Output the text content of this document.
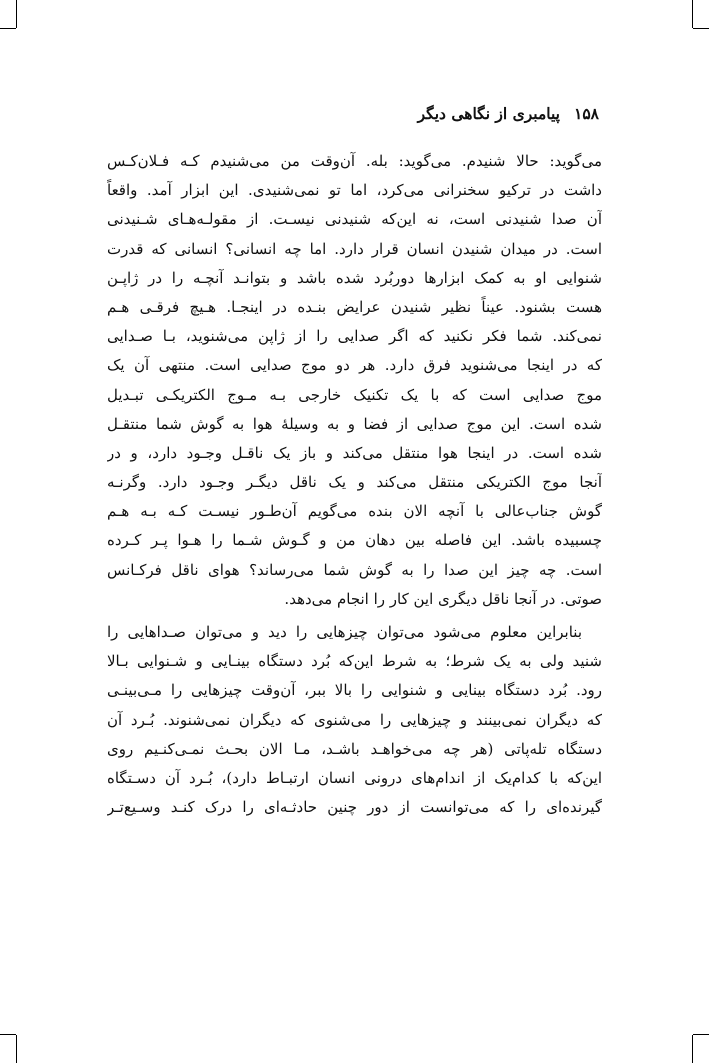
۱۵۸
پیامبری از نگاهی دیگر
می‌گوید: حالا شنیدم. می‌گوید: بله. آن‌وقت من می‌شنیدم کـه فـلان‌کـس
داشت در ترکیو سخنرانی می‌کرد، اما تو نمی‌شنیدی. این ابزار آمد. واقعاً
آن صدا شنیدنی است، نه این‌که شنیدنی نیسـت. از مقولـه‌هـای شـنیدنی
است. در میدان شنیدن انسان قرار دارد. اما چه انسانی؟ انسانی که قدرت
شنوایی او به کمک ابزارها دوربُرد شده باشد و بتوانـد آنچـه را در ژاپـن
هست بشنود. عیناً نظیر شنیدن عرایض بنـده در اینجـا. هـیچ فرقـی هـم
نمی‌کند. شما فکر نکنید که اگر صدایی را از ژاپن می‌شنوید، بـا صـدایی
که در اینجا می‌شنوید فرق دارد. هر دو موج صدایی است. منتهی آن یک
موج صدایی است که با یک تکنیک خارجی بـه مـوج الکتریکـی تبـدیل
شده است. این موج صدایی از فضا و به وسیلهٔ هوا به گوش شما منتقـل
شده است. در اینجا هوا منتقل می‌کند و باز یک ناقـل وجـود دارد، و در
آنجا موج الکتریکی منتقل می‌کند و یک ناقل دیگـر وجـود دارد. وگرنـه
گوش جناب‌عالی با آنچه الان بنده می‌گویم آن‌طـور نیسـت کـه بـه هـم
چسبیده باشد. این فاصله بین دهان من و گـوش شـما را هـوا پـر کـرده
است. چه چیز این صدا را به گوش شما می‌رساند؟ هوای ناقل فرکـانس
صوتی. در آنجا ناقل دیگری این کار را انجام می‌دهد.
بنابراین معلوم می‌شود می‌توان چیزهایی را دید و می‌توان صـداهایی را
شنید ولی به یک شرط؛ به شرط این‌که بُرد دستگاه بینـایی و شـنوایی بـالا
رود. بُرد دستگاه بینایی و شنوایی را بالا ببر، آن‌وقت چیزهایی را مـی‌بینـی
که دیگران نمی‌بینند و چیزهایی را می‌شنوی که دیگران نمی‌شنوند. بُـرد آن
دستگاه تله‌پاتی (هر چه می‌خواهـد باشـد، مـا الان بحـث نمـی‌کنـیم روی
این‌که با کدام‌یک از اندام‌های درونی انسان ارتبـاط دارد)، بُـرد آن دسـتگاه
گیرنده‌ای را که می‌توانست از دور چنین حادثـه‌ای را درک کنـد وسـیع‌تـر
